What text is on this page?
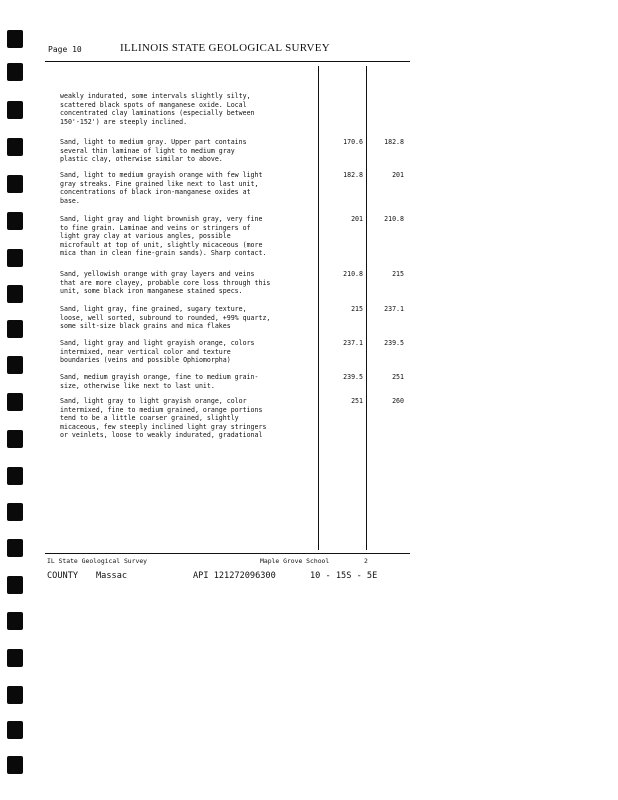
Page 10	ILLINOIS STATE GEOLOGICAL SURVEY
weakly indurated, some intervals slightly silty,
scattered black spots of manganese oxide. Local
concentrated clay laminations (especially between
150'-152') are steeply inclined.
Sand, light to medium gray. Upper part contains
several thin laminae of light to medium gray
plastic clay, otherwise similar to above.
170.6	182.8
Sand, light to medium grayish orange with few light
gray streaks. Fine grained like next to last unit,
concentrations of black iron-manganese oxides at
base.
182.8	201
Sand, light gray and light brownish gray, very fine
to fine grain. Laminae and veins or stringers of
light gray clay at various angles, possible
microfault at top of unit, slightly micaceous (more
mica than in clean fine-grain sands). Sharp contact.
201	210.8
Sand, yellowish orange with gray layers and veins
that are more clayey, probable core loss through this
unit, some black iron manganese stained specs.
210.8	215
Sand, light gray, fine grained, sugary texture,
loose, well sorted, subround to rounded, +99% quartz,
some silt-size black grains and mica flakes
215	237.1
Sand, light gray and light grayish orange, colors
intermixed, near vertical color and texture
boundaries (veins and possible Ophiomorpha)
237.1	239.5
Sand, medium grayish orange, fine to medium grain-
size, otherwise like next to last unit.
239.5	251
Sand, light gray to light grayish orange, color
intermixed, fine to medium grained, orange portions
tend to be a little coarser grained, slightly
micaceous, few steeply inclined light gray stringers
or veinlets, loose to weakly indurated, gradational
251	260
IL State Geological Survey	Maple Grove School	2
COUNTY Massac	API 121272096300	10 - 15S - 5E
